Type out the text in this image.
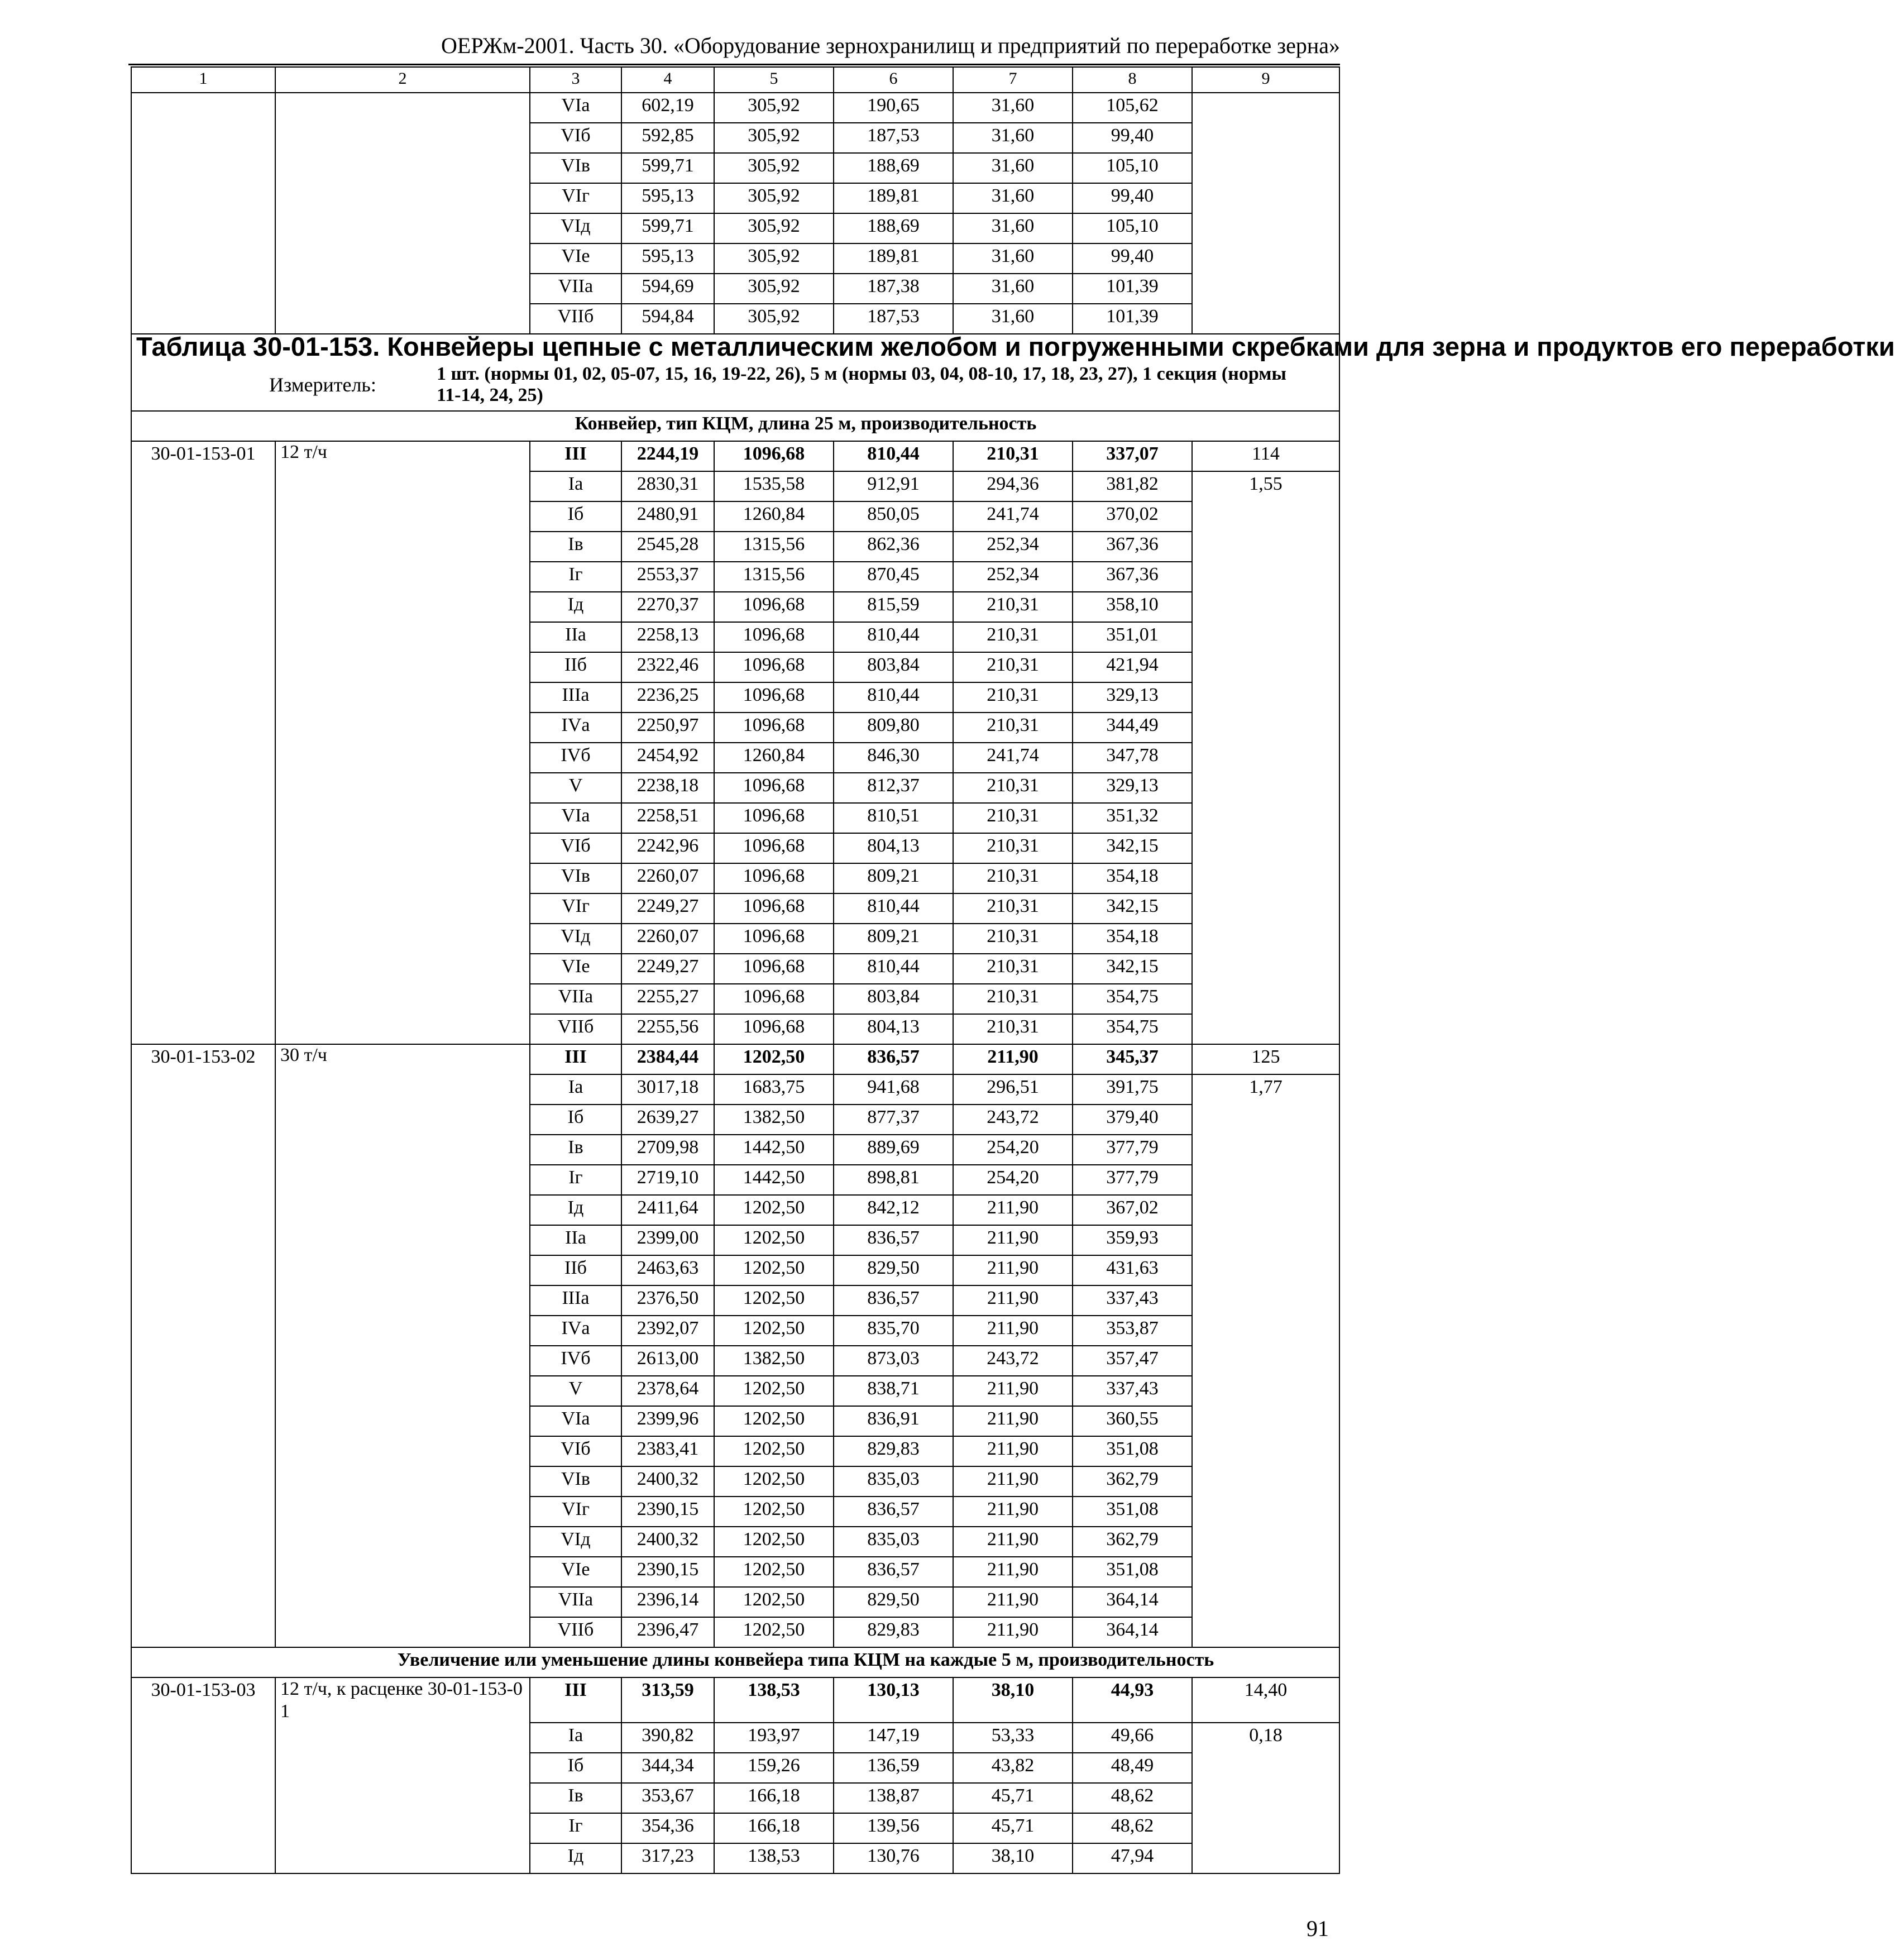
ОЕРЖм-2001. Часть 30. «Оборудование зернохранилищ и предприятий по переработке зерна»
1	2	3	4	5	6	7	8	9
		VIа	602,19	305,92	190,65	31,60	105,62	
		VIб	592,85	305,92	187,53	31,60	99,40	
		VIв	599,71	305,92	188,69	31,60	105,10	
		VIг	595,13	305,92	189,81	31,60	99,40	
		VIд	599,71	305,92	188,69	31,60	105,10	
		VIе	595,13	305,92	189,81	31,60	99,40	
		VIIа	594,69	305,92	187,38	31,60	101,39	
		VIIб	594,84	305,92	187,53	31,60	101,39	
Таблица 30-01-153. Конвейеры цепные с металлическим желобом и погруженными скребками для зерна и продуктов его переработки								
Измеритель: 1 шт. (нормы 01, 02, 05-07, 15, 16, 19-22, 26), 5 м (нормы 03, 04, 08-10, 17, 18, 23, 27), 1 секция (нормы 11-14, 24, 25)								
Конвейер, тип КЦМ, длина 25 м, производительность								
30-01-153-01	12 т/ч	III	2244,19	1096,68	810,44	210,31	337,07	114
		Iа	2830,31	1535,58	912,91	294,36	381,82	1,55
		Iб	2480,91	1260,84	850,05	241,74	370,02	
		Iв	2545,28	1315,56	862,36	252,34	367,36	
		Iг	2553,37	1315,56	870,45	252,34	367,36	
		Iд	2270,37	1096,68	815,59	210,31	358,10	
		IIа	2258,13	1096,68	810,44	210,31	351,01	
		IIб	2322,46	1096,68	803,84	210,31	421,94	
		IIIа	2236,25	1096,68	810,44	210,31	329,13	
		IVа	2250,97	1096,68	809,80	210,31	344,49	
		IVб	2454,92	1260,84	846,30	241,74	347,78	
		V	2238,18	1096,68	812,37	210,31	329,13	
		VIа	2258,51	1096,68	810,51	210,31	351,32	
		VIб	2242,96	1096,68	804,13	210,31	342,15	
		VIв	2260,07	1096,68	809,21	210,31	354,18	
		VIг	2249,27	1096,68	810,44	210,31	342,15	
		VIд	2260,07	1096,68	809,21	210,31	354,18	
		VIе	2249,27	1096,68	810,44	210,31	342,15	
		VIIа	2255,27	1096,68	803,84	210,31	354,75	
		VIIб	2255,56	1096,68	804,13	210,31	354,75	
30-01-153-02	30 т/ч	III	2384,44	1202,50	836,57	211,90	345,37	125
		Iа	3017,18	1683,75	941,68	296,51	391,75	1,77
		Iб	2639,27	1382,50	877,37	243,72	379,40	
		Iв	2709,98	1442,50	889,69	254,20	377,79	
		Iг	2719,10	1442,50	898,81	254,20	377,79	
		Iд	2411,64	1202,50	842,12	211,90	367,02	
		IIа	2399,00	1202,50	836,57	211,90	359,93	
		IIб	2463,63	1202,50	829,50	211,90	431,63	
		IIIа	2376,50	1202,50	836,57	211,90	337,43	
		IVа	2392,07	1202,50	835,70	211,90	353,87	
		IVб	2613,00	1382,50	873,03	243,72	357,47	
		V	2378,64	1202,50	838,71	211,90	337,43	
		VIа	2399,96	1202,50	836,91	211,90	360,55	
		VIб	2383,41	1202,50	829,83	211,90	351,08	
		VIв	2400,32	1202,50	835,03	211,90	362,79	
		VIг	2390,15	1202,50	836,57	211,90	351,08	
		VIд	2400,32	1202,50	835,03	211,90	362,79	
		VIе	2390,15	1202,50	836,57	211,90	351,08	
		VIIа	2396,14	1202,50	829,50	211,90	364,14	
		VIIб	2396,47	1202,50	829,83	211,90	364,14	
Увеличение или уменьшение длины конвейера типа КЦМ на каждые 5 м, производительность								
30-01-153-03	12 т/ч, к расценке 30-01-153-01	III	313,59	138,53	130,13	38,10	44,93	14,40
		Iа	390,82	193,97	147,19	53,33	49,66	0,18
		Iб	344,34	159,26	136,59	43,82	48,49	
		Iв	353,67	166,18	138,87	45,71	48,62	
		Iг	354,36	166,18	139,56	45,71	48,62	
		Iд	317,23	138,53	130,76	38,10	47,94	
91
